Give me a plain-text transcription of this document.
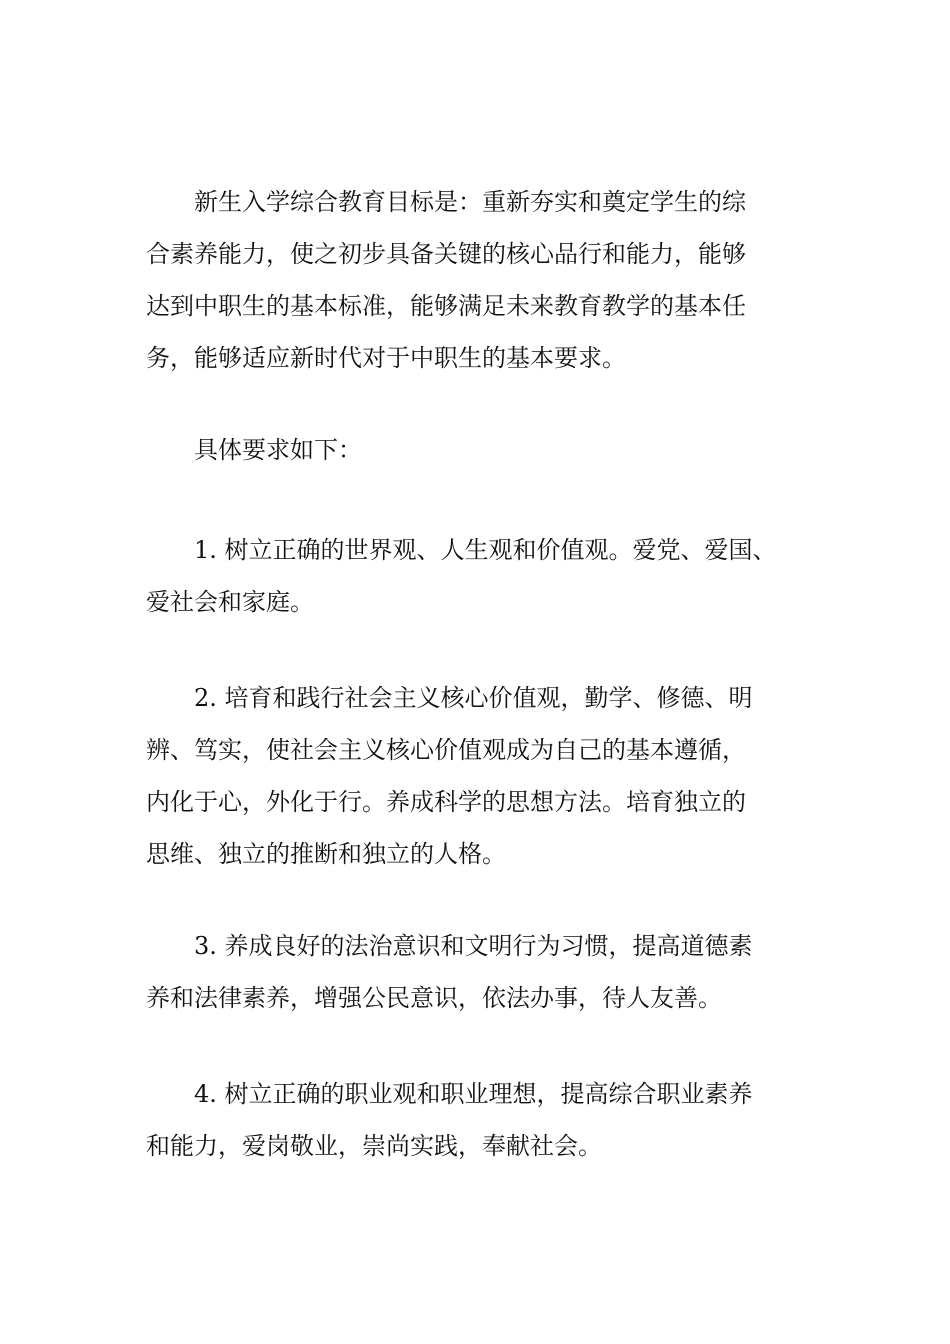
　　新生入学综合教育目标是：重新夯实和奠定学生的综
合素养能力，使之初步具备关键的核心品行和能力，能够
达到中职生的基本标准，能够满足未来教育教学的基本任
务，能够适应新时代对于中职生的基本要求。

　　具体要求如下：

　　1. 树立正确的世界观、人生观和价值观。爱党、爱国、
爱社会和家庭。

　　2. 培育和践行社会主义核心价值观，勤学、修德、明
辨、笃实，使社会主义核心价值观成为自己的基本遵循，
内化于心，外化于行。养成科学的思想方法。培育独立的
思维、独立的推断和独立的人格。

　　3. 养成良好的法治意识和文明行为习惯，提高道德素
养和法律素养，增强公民意识，依法办事，待人友善。

　　4. 树立正确的职业观和职业理想，提高综合职业素养
和能力，爱岗敬业，崇尚实践，奉献社会。
